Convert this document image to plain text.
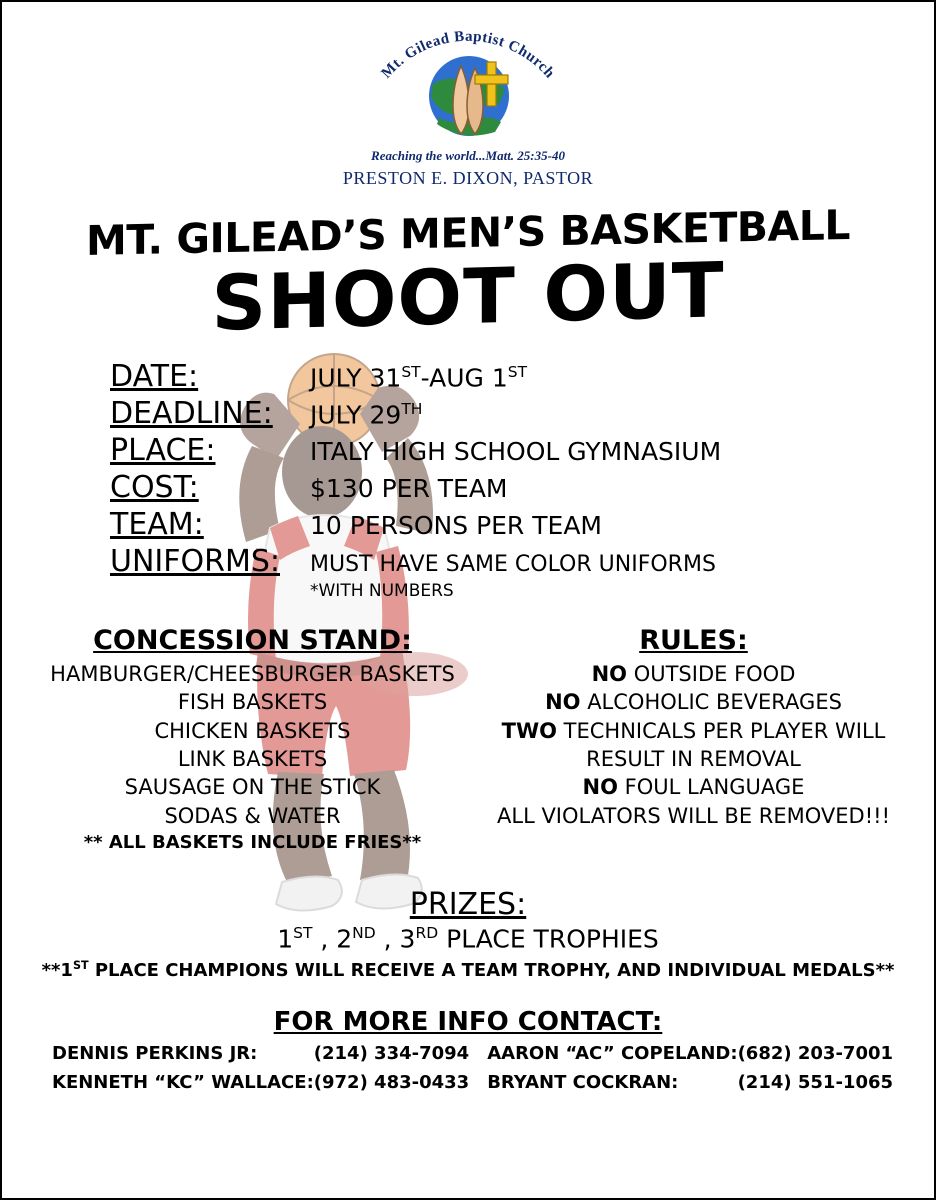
Mt. Gilead Baptist Church
Reaching the world...Matt. 25:35-40
PRESTON E. DIXON, PASTOR
MT. GILEAD’S MEN’S BASKETBALL
SHOOT OUT
DATE:	JULY 31ST-AUG 1ST
DEADLINE:	JULY 29TH
PLACE:	ITALY HIGH SCHOOL GYMNASIUM
COST:	$130 PER TEAM
TEAM:	10 PERSONS PER TEAM
UNIFORMS:	MUST HAVE SAME COLOR UNIFORMS
*WITH NUMBERS
CONCESSION STAND:
HAMBURGER/CHEESBURGER BASKETS
FISH BASKETS
CHICKEN BASKETS
LINK BASKETS
SAUSAGE ON THE STICK
SODAS & WATER
** ALL BASKETS INCLUDE FRIES**
RULES:
NO OUTSIDE FOOD
NO ALCOHOLIC BEVERAGES
TWO TECHNICALS PER PLAYER WILL
RESULT IN REMOVAL
NO FOUL LANGUAGE
ALL VIOLATORS WILL BE REMOVED!!!
PRIZES:
1ST , 2ND , 3RD PLACE TROPHIES
**1ST PLACE CHAMPIONS WILL RECEIVE A TEAM TROPHY, AND INDIVIDUAL MEDALS**
FOR MORE INFO CONTACT:
DENNIS PERKINS JR:	(214) 334-7094 AARON “AC” COPELAND: (682) 203-7001
KENNETH “KC” WALLACE: (972) 483-0433 BRYANT COCKRAN:	(214) 551-1065
